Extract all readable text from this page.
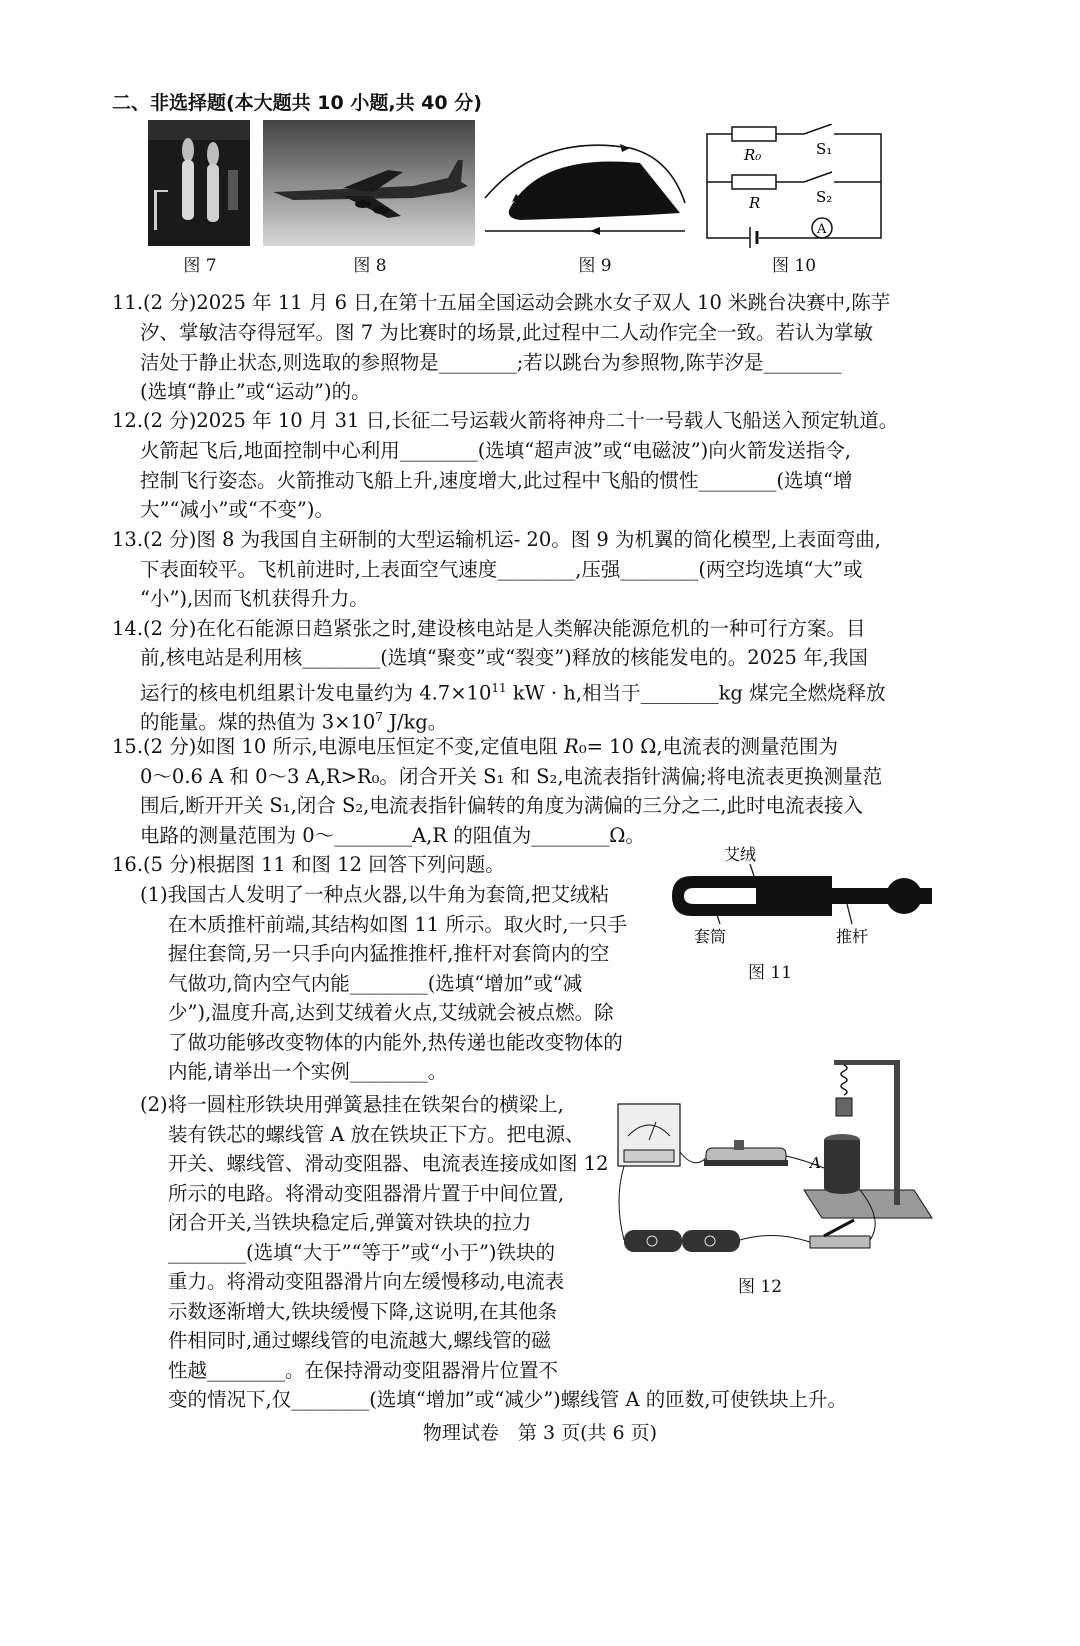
二、非选择题(本大题共 10 小题,共 40 分)
图 7	图 8	图 9
A
R₀	S₁
R	S₂
图 10
11.(2 分)2025 年 11 月 6 日,在第十五届全国运动会跳水女子双人 10 米跳台决赛中,陈芋
汐、掌敏洁夺得冠军。图 7 为比赛时的场景,此过程中二人动作完全一致。若认为掌敏
洁处于静止状态,则选取的参照物是________;若以跳台为参照物,陈芋汐是________
(选填“静止”或“运动”)的。
12.(2 分)2025 年 10 月 31 日,长征二号运载火箭将神舟二十一号载人飞船送入预定轨道。
火箭起飞后,地面控制中心利用________(选填“超声波”或“电磁波”)向火箭发送指令,
控制飞行姿态。火箭推动飞船上升,速度增大,此过程中飞船的惯性________(选填“增
大”“减小”或“不变”)。
13.(2 分)图 8 为我国自主研制的大型运输机运- 20。图 9 为机翼的简化模型,上表面弯曲,
下表面较平。飞机前进时,上表面空气速度________,压强________(两空均选填“大”或
“小”),因而飞机获得升力。
14.(2 分)在化石能源日趋紧张之时,建设核电站是人类解决能源危机的一种可行方案。目
前,核电站是利用核________(选填“聚变”或“裂变”)释放的核能发电的。2025 年,我国
运行的核电机组累计发电量约为 $4.7\times 10^{11}$ kW · h,相当于________kg 煤完全燃烧释放
的能量。煤的热值为 $3\times 10^7$ J/kg。
15.(2 分)如图 10 所示,电源电压恒定不变,定值电阻 R₀= 10 Ω,电流表的测量范围为
0～0.6 A 和 0～3 A,R>R₀。闭合开关 S₁ 和 S₂,电流表指针满偏;将电流表更换测量范
围后,断开开关 S₁,闭合 S₂,电流表指针偏转的角度为满偏的三分之二,此时电流表接入
电路的测量范围为 0～________A,R 的阻值为________Ω。
16.(5 分)根据图 11 和图 12 回答下列问题。
(1)我国古人发明了一种点火器,以牛角为套筒,把艾绒粘
在木质推杆前端,其结构如图 11 所示。取火时,一只手
握住套筒,另一只手向内猛推推杆,推杆对套筒内的空
气做功,筒内空气内能________(选填“增加”或“减
少”),温度升高,达到艾绒着火点,艾绒就会被点燃。除
了做功能够改变物体的内能外,热传递也能改变物体的
内能,请举出一个实例________。
艾绒
套筒	推杆
图 11
(2)将一圆柱形铁块用弹簧悬挂在铁架台的横梁上,
装有铁芯的螺线管 A 放在铁块正下方。把电源、
开关、螺线管、滑动变阻器、电流表连接成如图 12
所示的电路。将滑动变阻器滑片置于中间位置,
闭合开关,当铁块稳定后,弹簧对铁块的拉力
________(选填“大于”“等于”或“小于”)铁块的
重力。将滑动变阻器滑片向左缓慢移动,电流表
示数逐渐增大,铁块缓慢下降,这说明,在其他条
件相同时,通过螺线管的电流越大,螺线管的磁
性越________。在保持滑动变阻器滑片位置不
变的情况下,仅________(选填“增加”或“减少”)螺线管 A 的匝数,可使铁块上升。
A
图 12
物理试卷　第 3 页(共 6 页)
